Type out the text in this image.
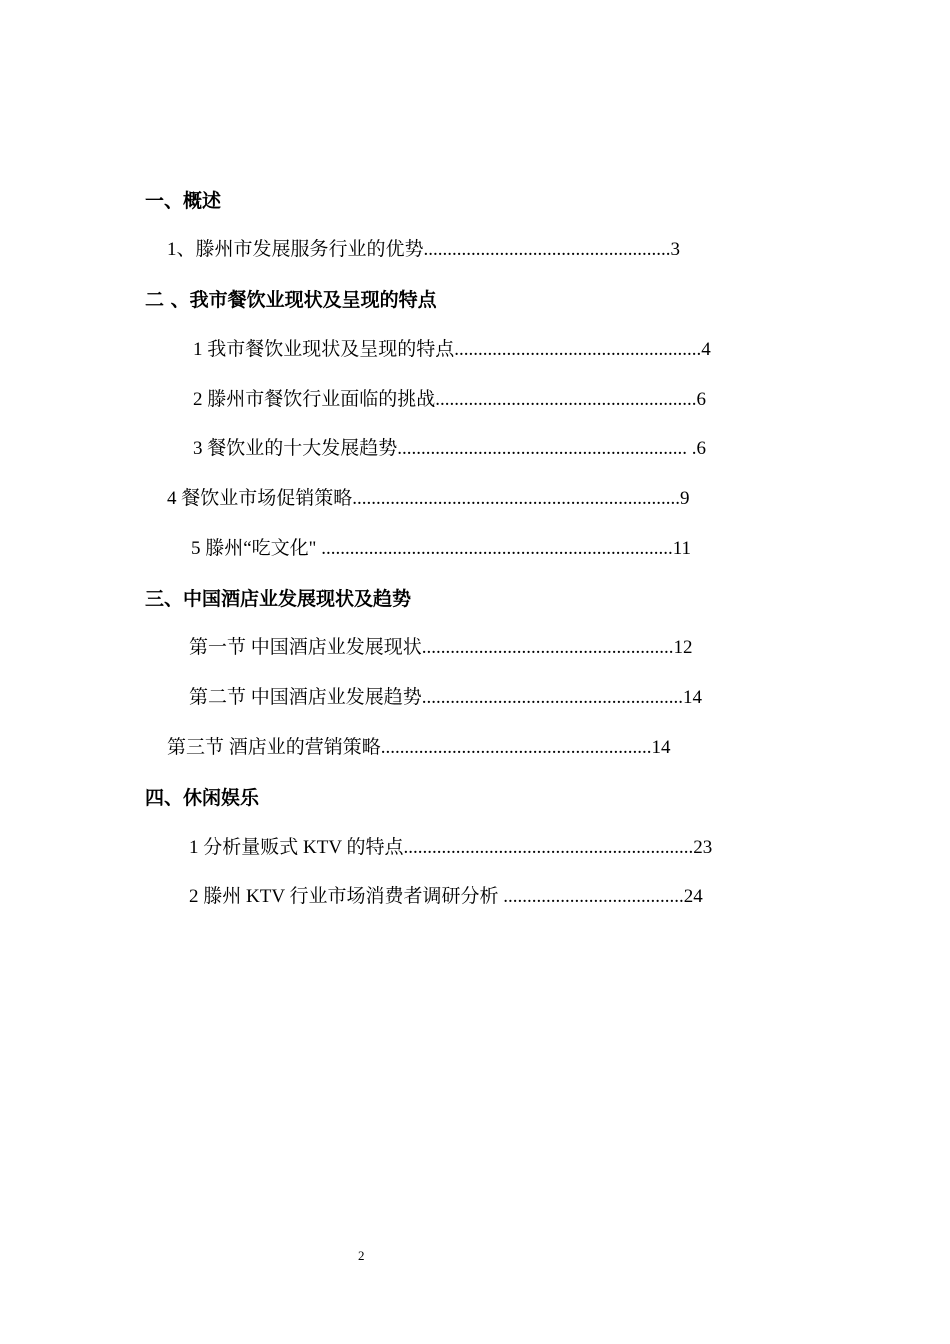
一、概述
1、滕州市发展服务行业的优势....................................................3
二 、我市餐饮业现状及呈现的特点
1 我市餐饮业现状及呈现的特点....................................................4
2 滕州市餐饮行业面临的挑战.......................................................6
3 餐饮业的十大发展趋势............................................................. .6
4 餐饮业市场促销策略.....................................................................9
5 滕州“吃文化" ..........................................................................11
三、中国酒店业发展现状及趋势
第一节 中国酒店业发展现状.....................................................12
第二节 中国酒店业发展趋势.......................................................14
第三节 酒店业的营销策略.........................................................14
四、休闲娱乐
1 分析量贩式 KTV 的特点.............................................................23
2 滕州 KTV 行业市场消费者调研分析 ......................................24
2
